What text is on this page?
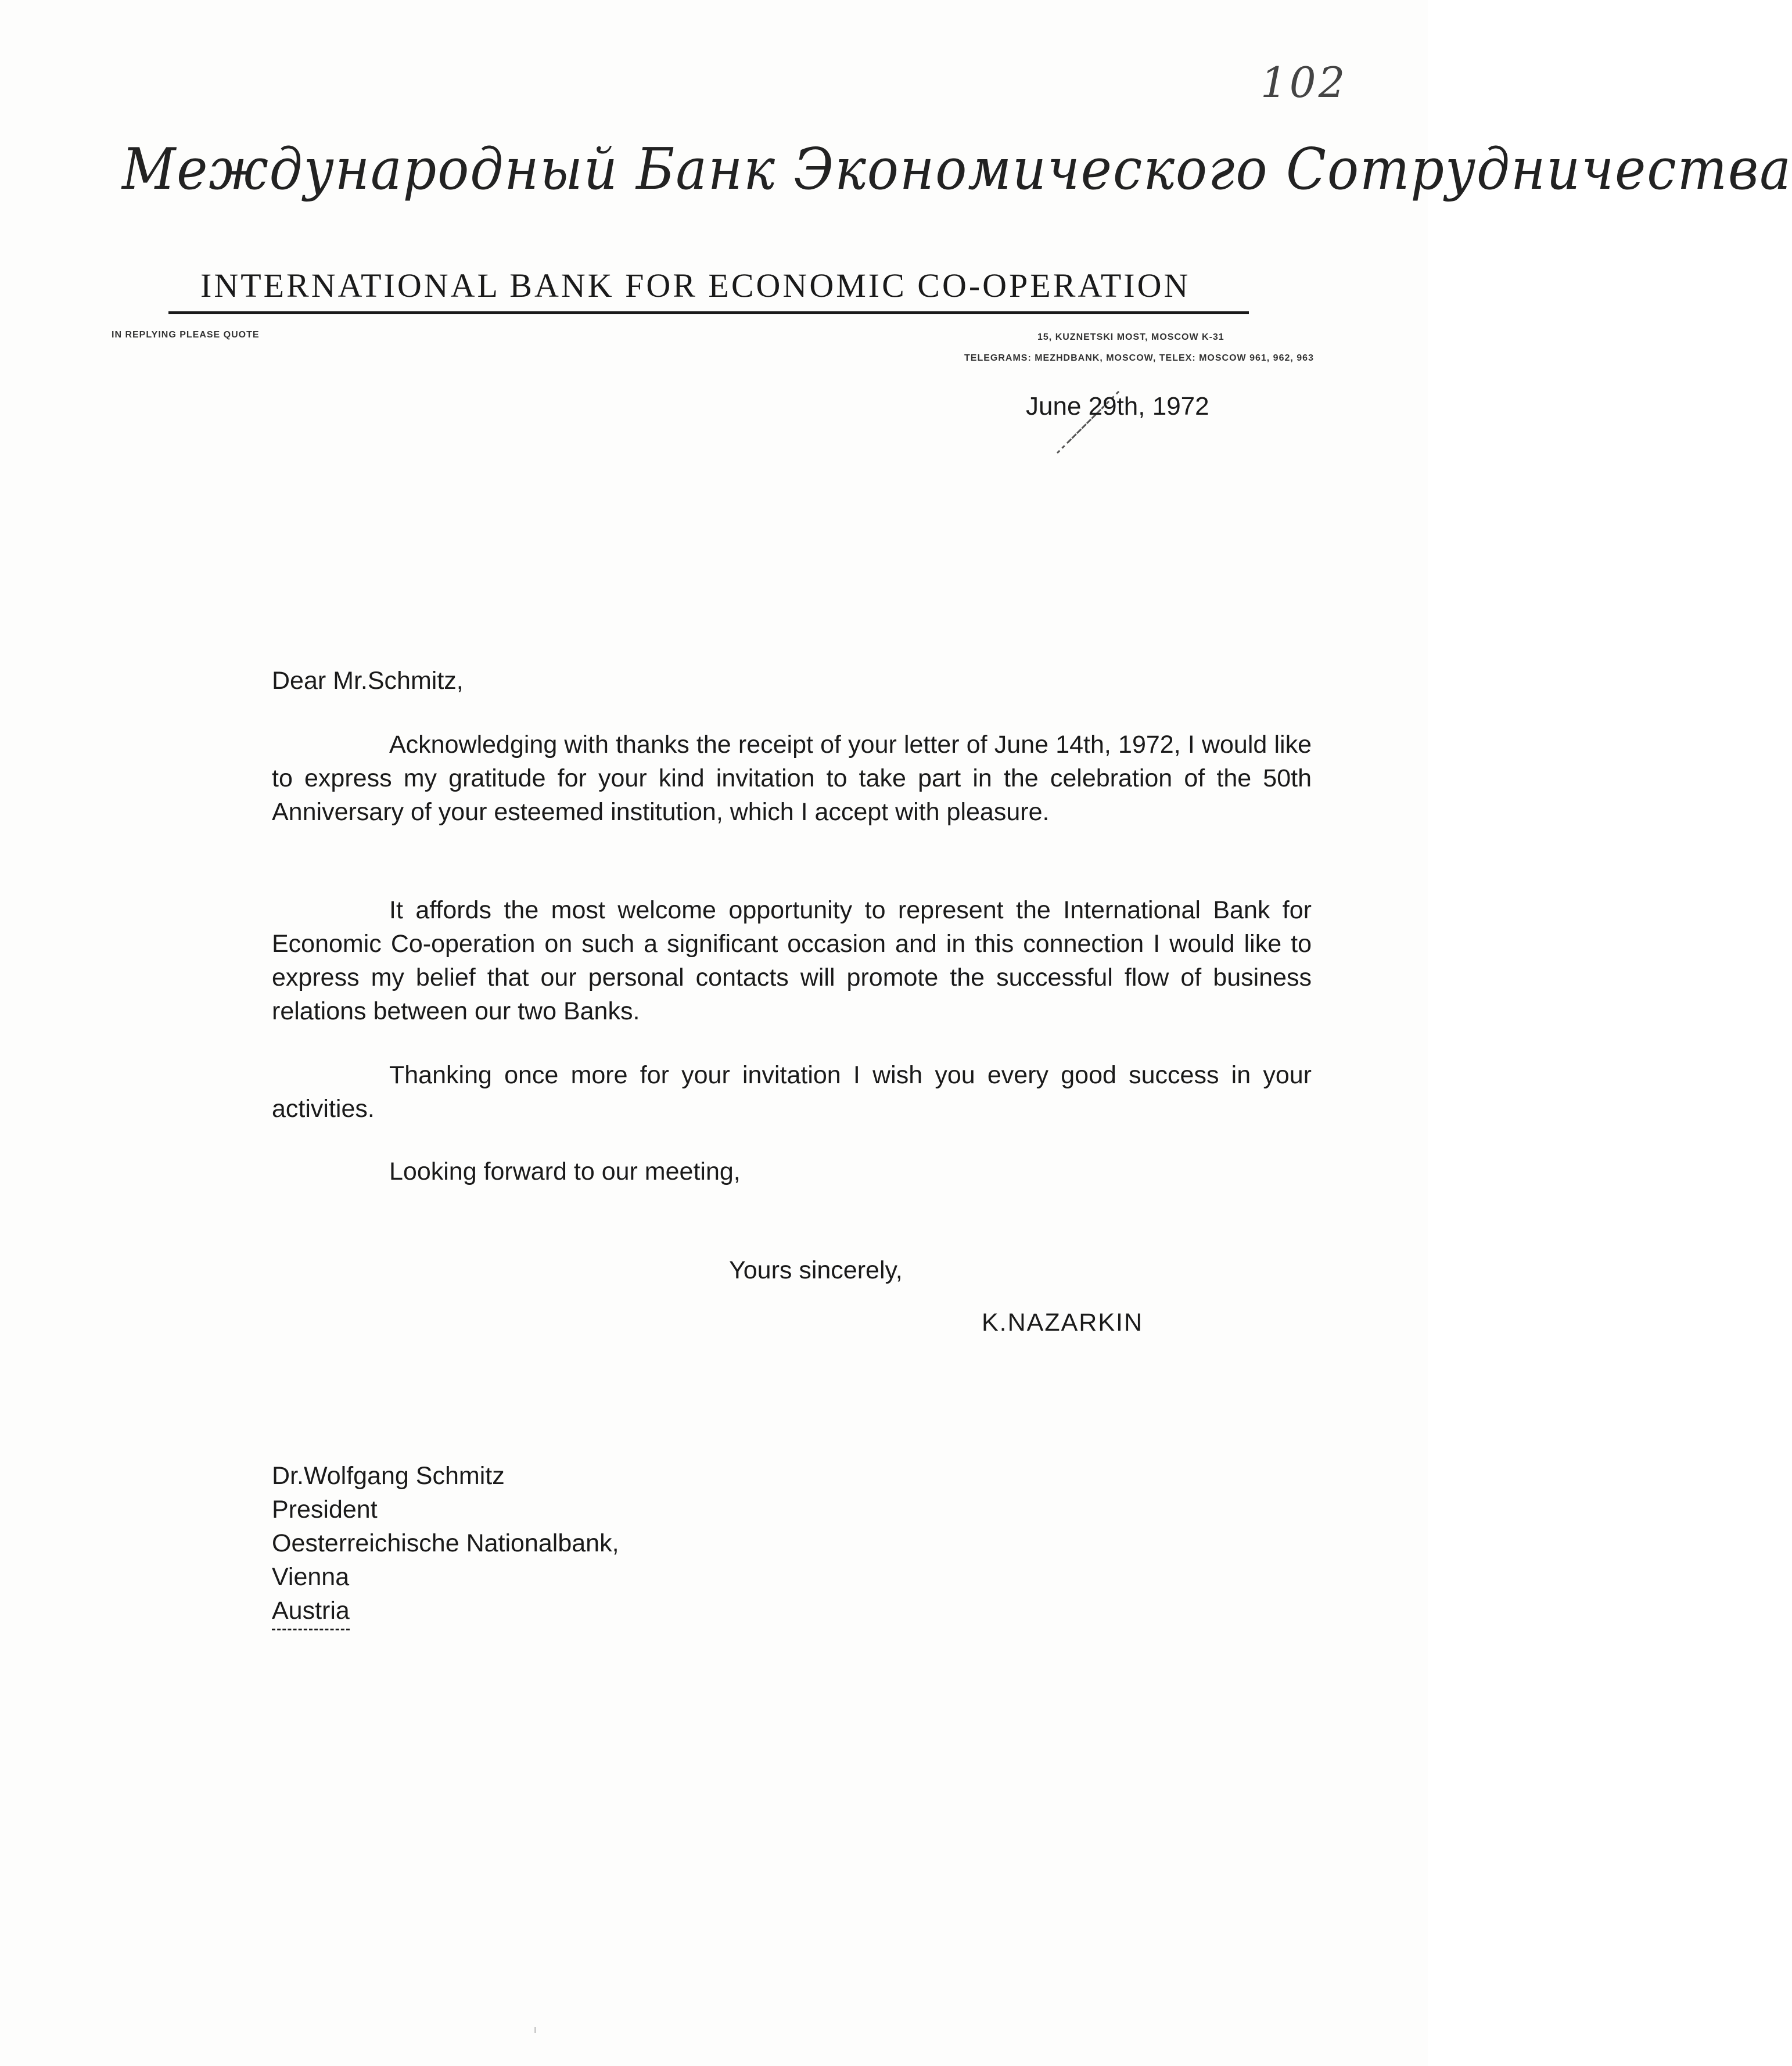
102
Международный Банк Экономического Сотрудничества
INTERNATIONAL BANK FOR ECONOMIC CO-OPERATION
IN REPLYING PLEASE QUOTE	15, KUZNETSKI MOST, MOSCOW K-31
TELEGRAMS: MEZHDBANK, MOSCOW, TELEX: MOSCOW 961, 962, 963
June 29th, 1972
Dear Mr.Schmitz,

Acknowledging with thanks the receipt of your letter of June 14th, 1972, I would like to express my gratitude for your kind invitation to take part in the celebration of the 50th Anniversary of your esteemed institution, which I accept with pleasure.

It affords the most welcome opportunity to represent the International Bank for Economic Co-operation on such a significant occasion and in this connection I would like to express my belief that our personal contacts will promote the successful flow of business relations between our two Banks.

Thanking once more for your invitation I wish you every good success in your activities.

Looking forward to our meeting,
Yours sincerely,
K.NAZARKIN
Dr.Wolfgang Schmitz
President
Oesterreichische Nationalbank,
Vienna
Austria
